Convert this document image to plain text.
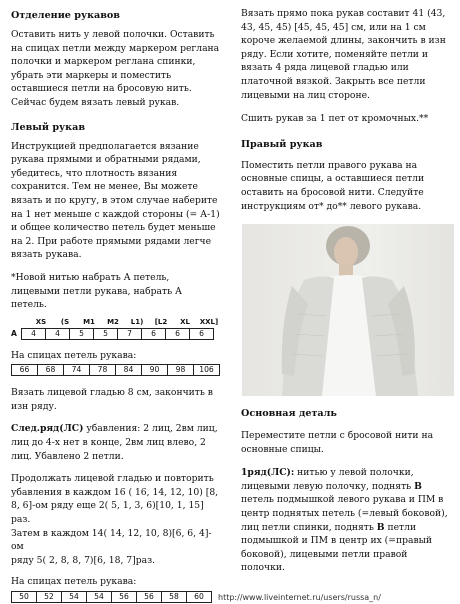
Отделение рукавов

Оставить нить у левой полочки. Оставить

на спицах петли между маркером реглана

полочки и маркером реглана спинки,

убрать эти маркеры и поместить

оставшиеся петли на бросовую нить.

Сейчас будем вязать левый рукав.

Левый рукав

Инструкцией предполагается вязание

рукава прямыми и обратными рядами,

убедитесь, что плотность вязания

сохранится. Тем не менее, Вы можете

вязать и по кругу, в этом случае наберите

на 1 нет меньше с каждой стороны (= А-1)

и общее количество петель будет меньше

на 2. При работе прямыми рядами легче

вязать рукава.

*Новой нитью набрать А петель,

лицевыми петли рукава, набрать А

петель.

XS	(S	M1	M2	L1)	[L2	XL	XXL]
A	4	4	5	5	7	6	6	6

На спицах петель рукава:

66	68	74	78	84	90	98	106

Вязать лицевой гладью 8 см, закончить в

изн ряду.

След.ряд(ЛС) убавления: 2 лиц, 2вм лиц,

лиц до 4-х нет в конце, 2вм лиц влево, 2

лиц. Убавлено 2 петли.

Продолжать лицевой гладью и повторить

убавления в каждом 16 ( 16, 14, 12, 10) [8,

8, 6]-ом ряду еще 2( 5, 1, 3, 6)[10, 1, 15] раз.

Затем в каждом 14( 14, 12, 10, 8)[6, 6, 4]-ом

ряду 5( 2, 8, 8, 7)[6, 18, 7]раз.

На спицах петель рукава:

50	52	54	54	56	56	58	60

Вязать прямо пока рукав составит 41 (43,

43, 45, 45) [45, 45, 45] см, или на 1 см

короче желаемой длины, закончить в изн

ряду. Если хотите, поменяйте петли и

вязать 4 ряда лицевой гладью или

платочной вязкой. Закрыть все петли

лицевыми на лиц стороне.

Сшить рукав за 1 пет от кромочных.**

Правый рукав

Поместить петли правого рукава на

основные спицы, а оставшиеся петли

оставить на бросовой нити. Следуйте

инструкциям от* до** левого рукава.

Основная деталь

Переместите петли с бросовой нити на

основные спицы.

1ряд(ЛС): нитью у левой полочки,

лицевыми левую полочку, поднять В

петель подмышкой левого рукава и ПМ в

центр поднятых петель (=левый боковой),

лиц петли спинки, поднять В петли

подмышкой и ПМ в центр их (=правый

боковой), лицевыми петли правой

полочки.

http://www.liveinternet.ru/users/russa_n/
